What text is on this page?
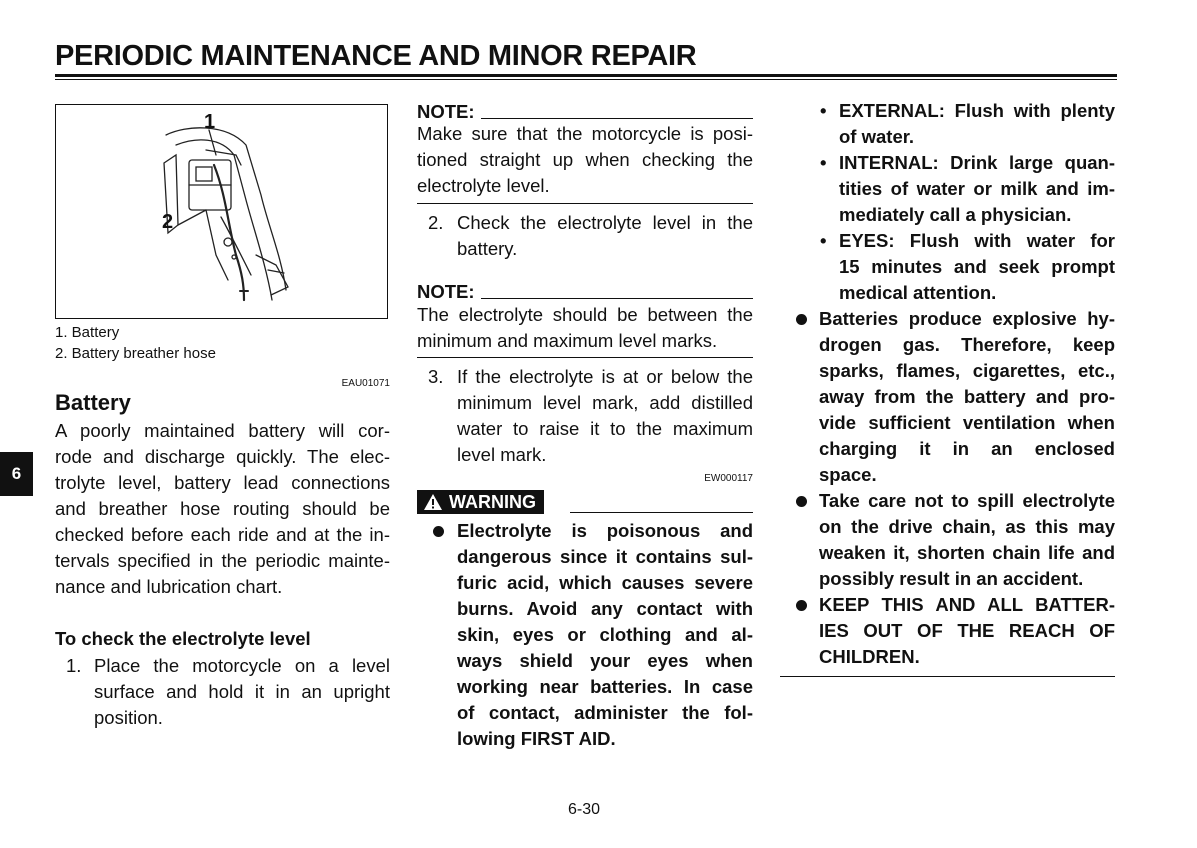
PERIODIC MAINTENANCE AND MINOR REPAIR
6
1
2
1. Battery
2. Battery breather hose
EAU01071
Battery
A poorly maintained battery will cor-
rode and discharge quickly. The elec-
trolyte level, battery lead connections
and breather hose routing should be
checked before each ride and at the in-
tervals specified in the periodic mainte-
nance and lubrication chart.
To check the electrolyte level
1. Place the motorcycle on a level
surface and hold it in an upright
position.
NOTE:
Make sure that the motorcycle is posi-
tioned straight up when checking the
electrolyte level.
2. Check the electrolyte level in the
battery.
NOTE:
The electrolyte should be between the
minimum and maximum level marks.
3. If the electrolyte is at or below the
minimum level mark, add distilled
water to raise it to the maximum
level mark.
EW000117
WARNING
Electrolyte is poisonous and
dangerous since it contains sul-
furic acid, which causes severe
burns. Avoid any contact with
skin, eyes or clothing and al-
ways shield your eyes when
working near batteries. In case
of contact, administer the fol-
lowing FIRST AID.
• EXTERNAL: Flush with plenty
of water.
• INTERNAL: Drink large quan-
tities of water or milk and im-
mediately call a physician.
• EYES: Flush with water for
15 minutes and seek prompt
medical attention.
Batteries produce explosive hy-
drogen gas. Therefore, keep
sparks, flames, cigarettes, etc.,
away from the battery and pro-
vide sufficient ventilation when
charging it in an enclosed
space.
Take care not to spill electrolyte
on the drive chain, as this may
weaken it, shorten chain life and
possibly result in an accident.
KEEP THIS AND ALL BATTER-
IES OUT OF THE REACH OF
CHILDREN.
6-30
